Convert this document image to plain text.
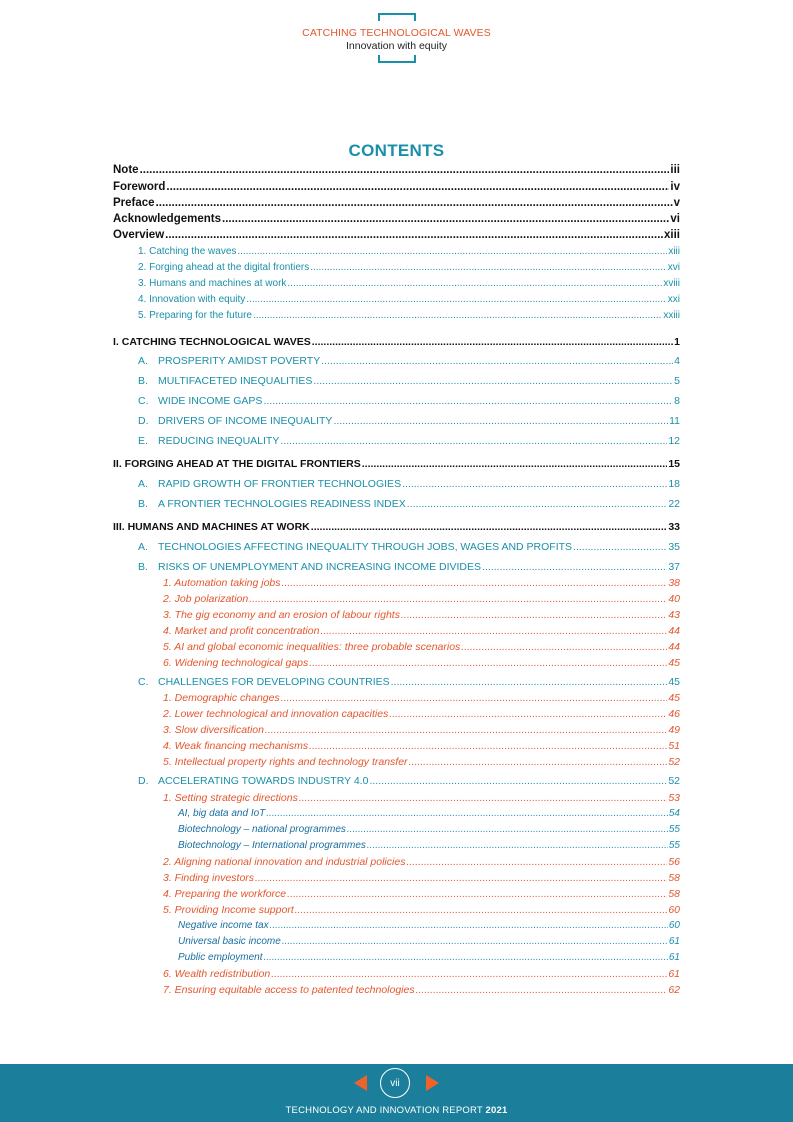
CATCHING TECHNOLOGICAL WAVES
Innovation with equity
CONTENTS
Note .....	iii
Foreword .....	iv
Preface .....	v
Acknowledgements .....	vi
Overview .....	xiii
1. Catching the waves .....	xiii
2. Forging ahead at the digital frontiers .....	xvi
3. Humans and machines at work .....	xviii
4. Innovation with equity .....	xxi
5. Preparing for the future .....	xxiii
I. CATCHING TECHNOLOGICAL WAVES .....	1
A. PROSPERITY AMIDST POVERTY .....	4
B. MULTIFACETED INEQUALITIES .....	5
C. WIDE INCOME GAPS .....	8
D. DRIVERS OF INCOME INEQUALITY .....	11
E. REDUCING INEQUALITY .....	12
II. FORGING AHEAD AT THE DIGITAL FRONTIERS .....	15
A. RAPID GROWTH OF FRONTIER TECHNOLOGIES .....	18
B. A FRONTIER TECHNOLOGIES READINESS INDEX .....	22
III. HUMANS AND MACHINES AT WORK .....	33
A. TECHNOLOGIES AFFECTING INEQUALITY THROUGH JOBS, WAGES AND PROFITS .....	35
B. RISKS OF UNEMPLOYMENT AND INCREASING INCOME DIVIDES .....	37
1. Automation taking jobs .....	38
2. Job polarization .....	40
3. The gig economy and an erosion of labour rights .....	43
4. Market and profit concentration .....	44
5. AI and global economic inequalities: three probable scenarios .....	44
6. Widening technological gaps .....	45
C. CHALLENGES FOR DEVELOPING COUNTRIES .....	45
1. Demographic changes .....	45
2. Lower technological and innovation capacities .....	46
3. Slow diversification .....	49
4. Weak financing mechanisms .....	51
5. Intellectual property rights and technology transfer .....	52
D. ACCELERATING TOWARDS INDUSTRY 4.0 .....	52
1. Setting strategic directions .....	53
AI, big data and IoT .....	54
Biotechnology – national programmes .....	55
Biotechnology – International programmes .....	55
2. Aligning national innovation and industrial policies .....	56
3. Finding investors .....	58
4. Preparing the workforce .....	58
5. Providing Income support .....	60
Negative income tax .....	60
Universal basic income .....	61
Public employment .....	61
6. Wealth redistribution .....	61
7. Ensuring equitable access to patented technologies .....	62
vii
TECHNOLOGY AND INNOVATION REPORT 2021
